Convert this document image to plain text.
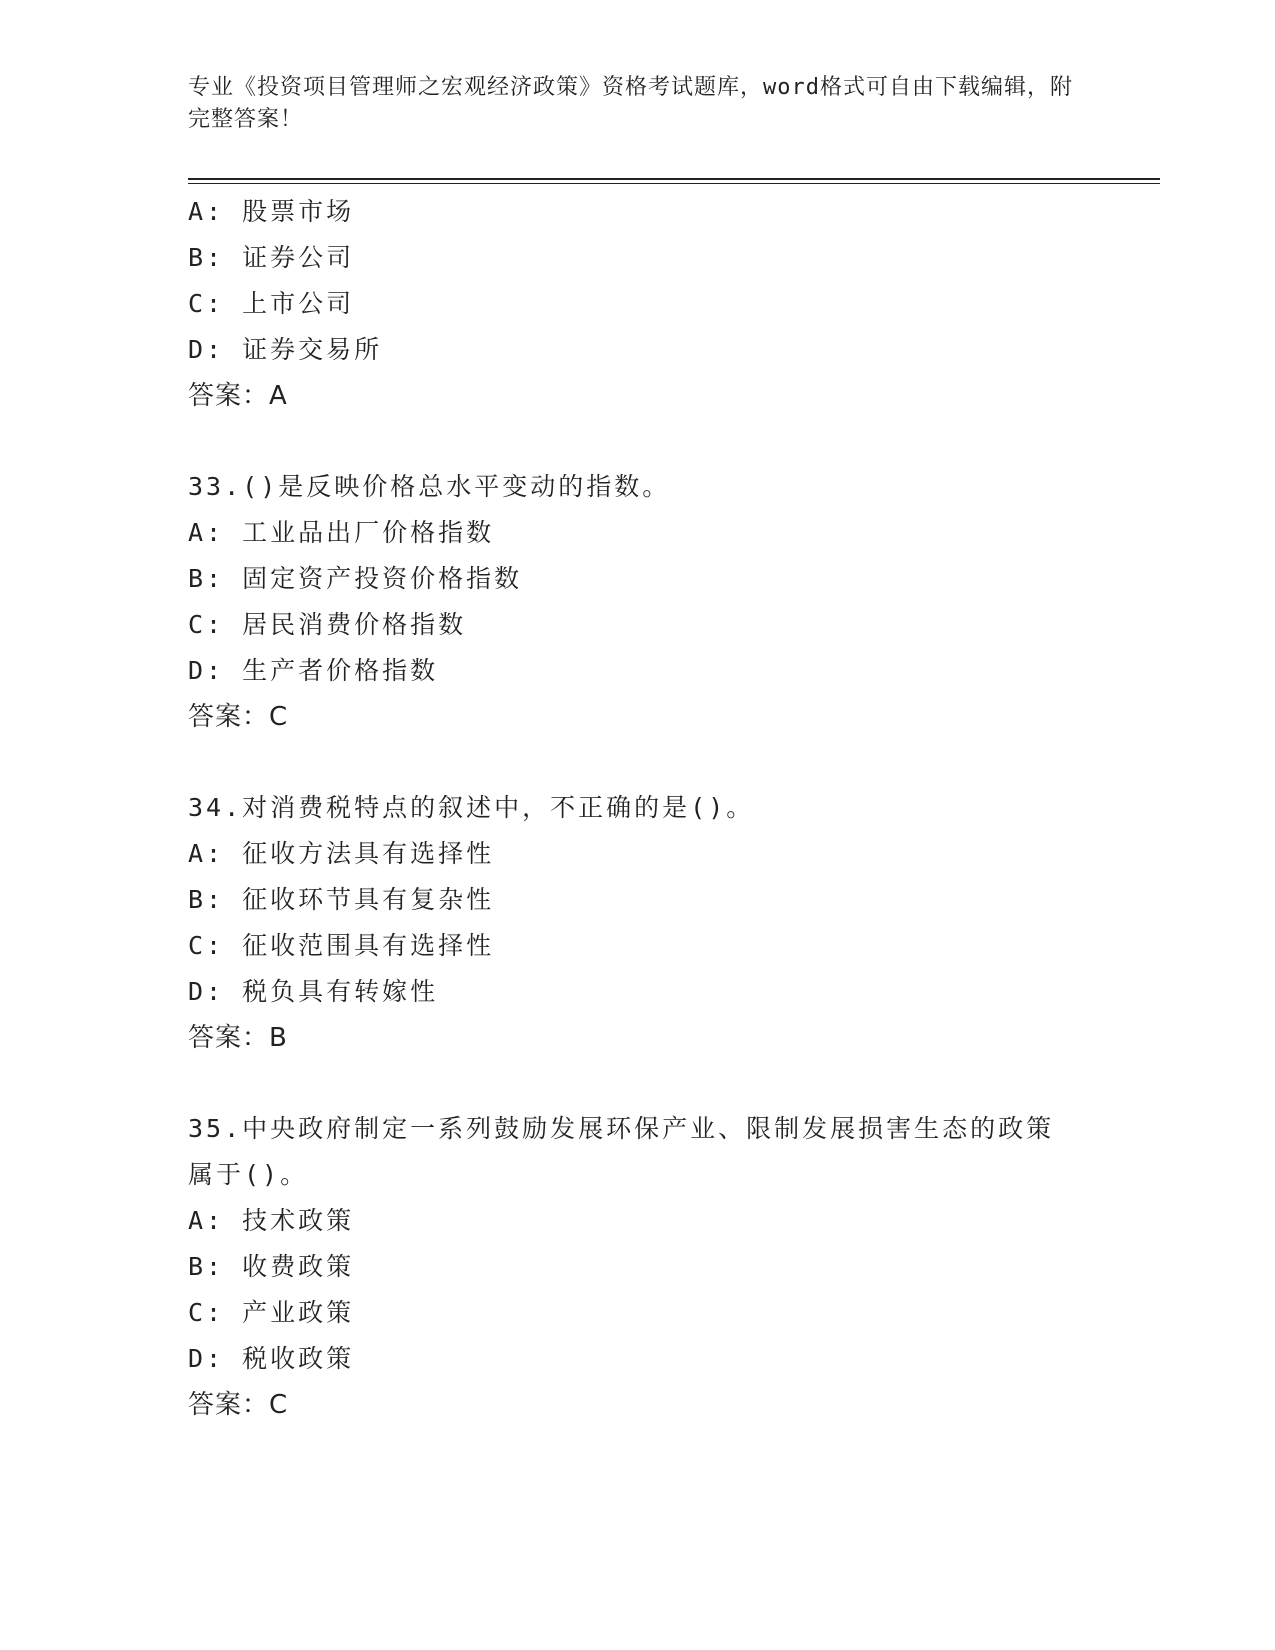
专业《投资项目管理师之宏观经济政策》资格考试题库，word格式可自由下载编辑，附完整答案！
A: 股票市场
B: 证券公司
C: 上市公司
D: 证券交易所
答案：A
33.()是反映价格总水平变动的指数。
A: 工业品出厂价格指数
B: 固定资产投资价格指数
C: 居民消费价格指数
D: 生产者价格指数
答案：C
34.对消费税特点的叙述中，不正确的是()。
A: 征收方法具有选择性
B: 征收环节具有复杂性
C: 征收范围具有选择性
D: 税负具有转嫁性
答案：B
35.中央政府制定一系列鼓励发展环保产业、限制发展损害生态的政策
属于()。
A: 技术政策
B: 收费政策
C: 产业政策
D: 税收政策
答案：C
